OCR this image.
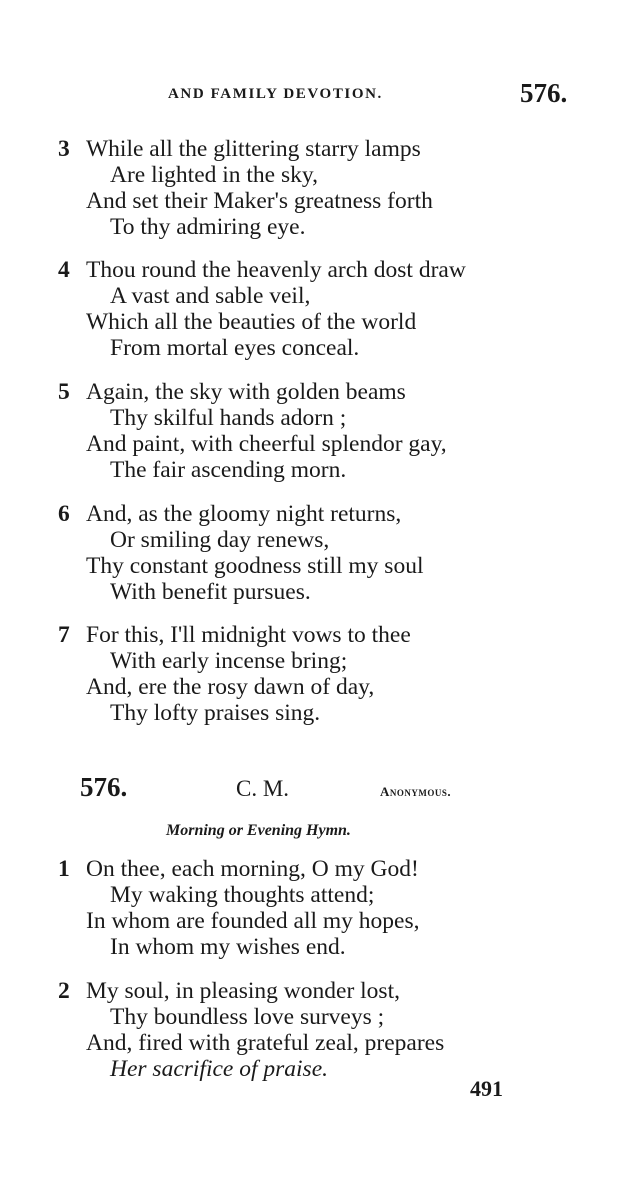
AND FAMILY DEVOTION.	576.
3 While all the glittering starry lamps
Are lighted in the sky,
And set their Maker's greatness forth
To thy admiring eye.
4 Thou round the heavenly arch dost draw
A vast and sable veil,
Which all the beauties of the world
From mortal eyes conceal.
5 Again, the sky with golden beams
Thy skilful hands adorn ;
And paint, with cheerful splendor gay,
The fair ascending morn.
6 And, as the gloomy night returns,
Or smiling day renews,
Thy constant goodness still my soul
With benefit pursues.
7 For this, I'll midnight vows to thee
With early incense bring;
And, ere the rosy dawn of day,
Thy lofty praises sing.
576.	C. M.	Anonymous.
Morning or Evening Hymn.
1 On thee, each morning, O my God!
My waking thoughts attend;
In whom are founded all my hopes,
In whom my wishes end.
2 My soul, in pleasing wonder lost,
Thy boundless love surveys ;
And, fired with grateful zeal, prepares
Her sacrifice of praise.
491
